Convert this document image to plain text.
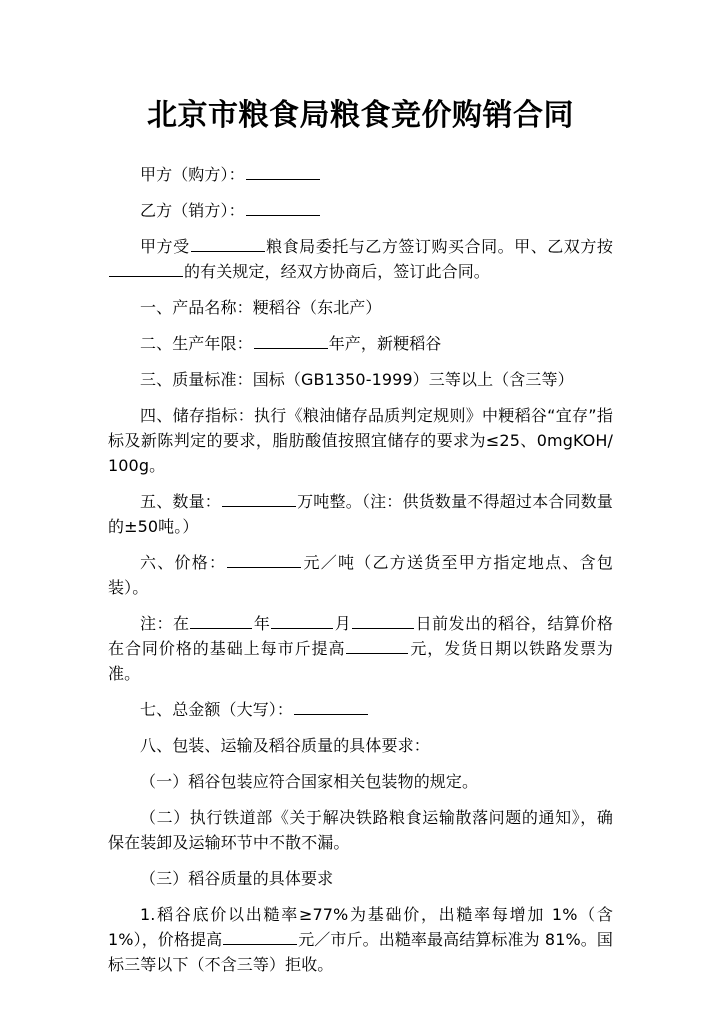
北京市粮食局粮食竞价购销合同

甲方（购方）：

乙方（销方）：

甲方受	粮食局委托与乙方签订购买合同。甲、乙双方按的有关规定，经双方协商后，签订此合同。

一、产品名称：粳稻谷（东北产）

二、生产年限：	年产，新粳稻谷

三、质量标准：国标（GB1350-1999）三等以上（含三等）

四、储存指标：执行《粮油储存品质判定规则》中粳稻谷“宜存”指标及新陈判定的要求，脂肪酸值按照宜储存的要求为≤25、0mgKOH/100g。

五、数量：	万吨整。（注：供货数量不得超过本合同数量的±50吨。）

六、价格：	元／吨（乙方送货至甲方指定地点、含包装）。

注：在	年	月	日前发出的稻谷，结算价格在合同价格的基础上每市斤提高	元，发货日期以铁路发票为准。

七、总金额（大写）：

八、包装、运输及稻谷质量的具体要求：

（一）稻谷包装应符合国家相关包装物的规定。

（二）执行铁道部《关于解决铁路粮食运输散落问题的通知》，确保在装卸及运输环节中不散不漏。

（三）稻谷质量的具体要求

1.稻谷底价以出糙率≥77%为基础价，出糙率每增加 1%（含 1%），价格提高	元／市斤。出糙率最高结算标准为 81%。国标三等以下（不含三等）拒收。
